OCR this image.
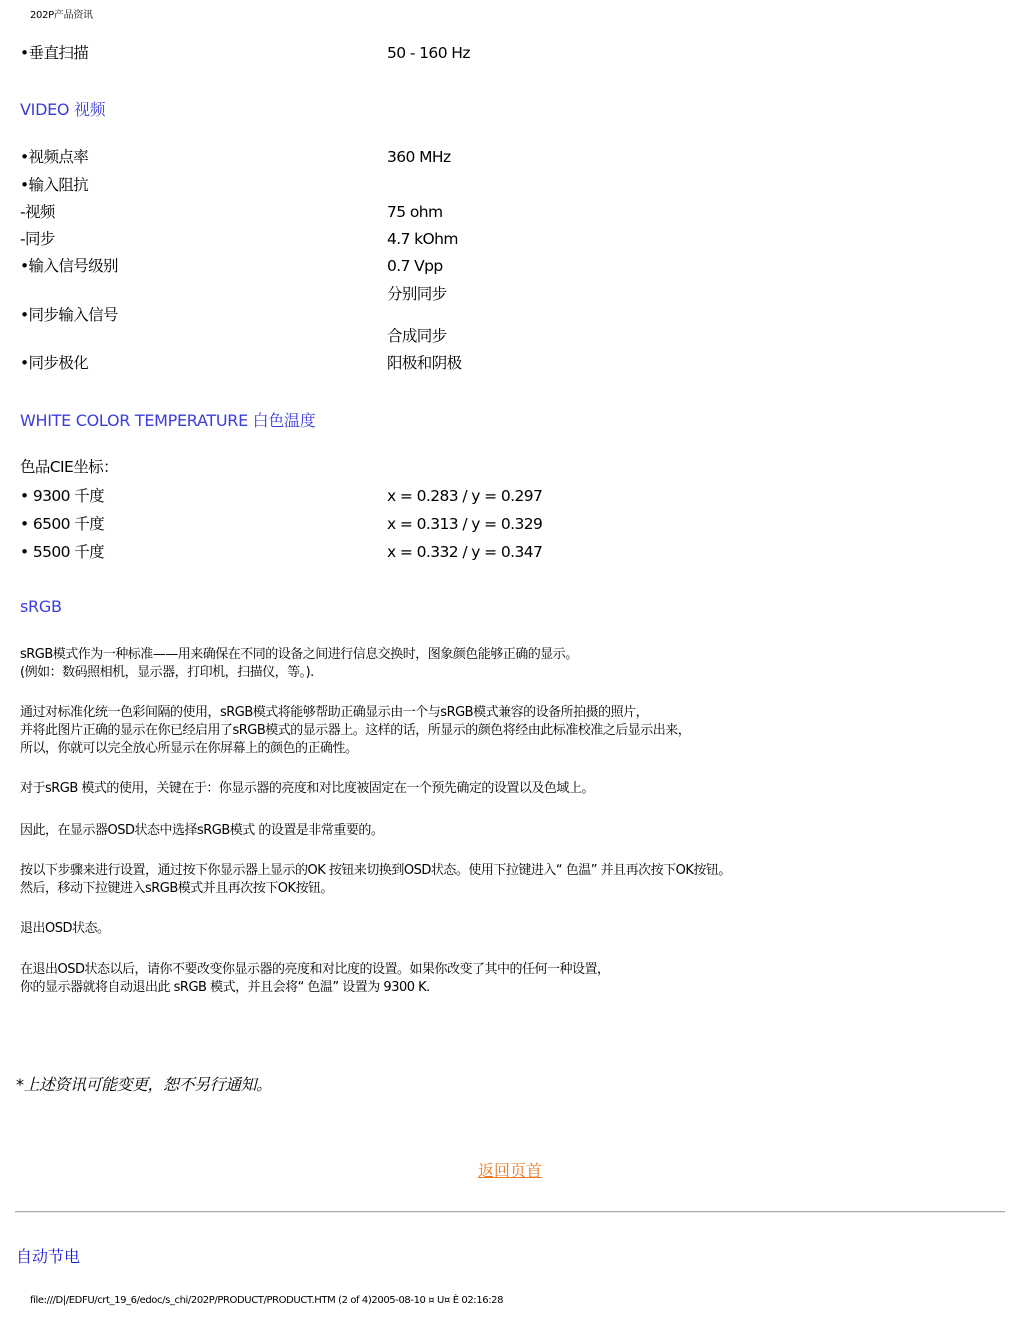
202P产品资讯
•垂直扫描	50 - 160 Hz
VIDEO 视频
•视频点率	360 MHz
•输入阻抗
-视频	75 ohm
-同步	4.7 kOhm
•输入信号级别	0.7 Vpp
分别同步
•同步输入信号
合成同步
•同步极化	阳极和阴极
WHITE COLOR TEMPERATURE 白色温度
色品CIE坐标：
• 9300 千度	x = 0.283 / y = 0.297
• 6500 千度	x = 0.313 / y = 0.329
• 5500 千度	x = 0.332 / y = 0.347
sRGB

sRGB模式作为一种标准——用来确保在不同的设备之间进行信息交换时，图象颜色能够正确的显示。
(例如：数码照相机，显示器，打印机，扫描仪，等。).

通过对标准化统一色彩间隔的使用，sRGB模式将能够帮助正确显示由一个与sRGB模式兼容的设备所拍摄的照片，
并将此图片正确的显示在你已经启用了sRGB模式的显示器上。这样的话，所显示的颜色将经由此标准校准之后显示出来，
所以，你就可以完全放心所显示在你屏幕上的颜色的正确性。

对于sRGB 模式的使用，关键在于：你显示器的亮度和对比度被固定在一个预先确定的设置以及色域上。

因此，在显示器OSD状态中选择sRGB模式 的设置是非常重要的。

按以下步骤来进行设置，通过按下你显示器上显示的OK 按钮来切换到OSD状态。使用下拉键进入“ 色温” 并且再次按下OK按钮。
然后，移动下拉键进入sRGB模式并且再次按下OK按钮。

退出OSD状态。

在退出OSD状态以后，请你不要改变你显示器的亮度和对比度的设置。如果你改变了其中的任何一种设置，
你的显示器就将自动退出此 sRGB 模式，并且会将“ 色温” 设置为 9300 K.

*上述资讯可能变更，恕不另行通知。
返回页首
自动节电
file:///D|/EDFU/crt_19_6/edoc/s_chi/202P/PRODUCT/PRODUCT.HTM (2 of 4)2005-08-10 ¤ U¤ È 02:16:28
